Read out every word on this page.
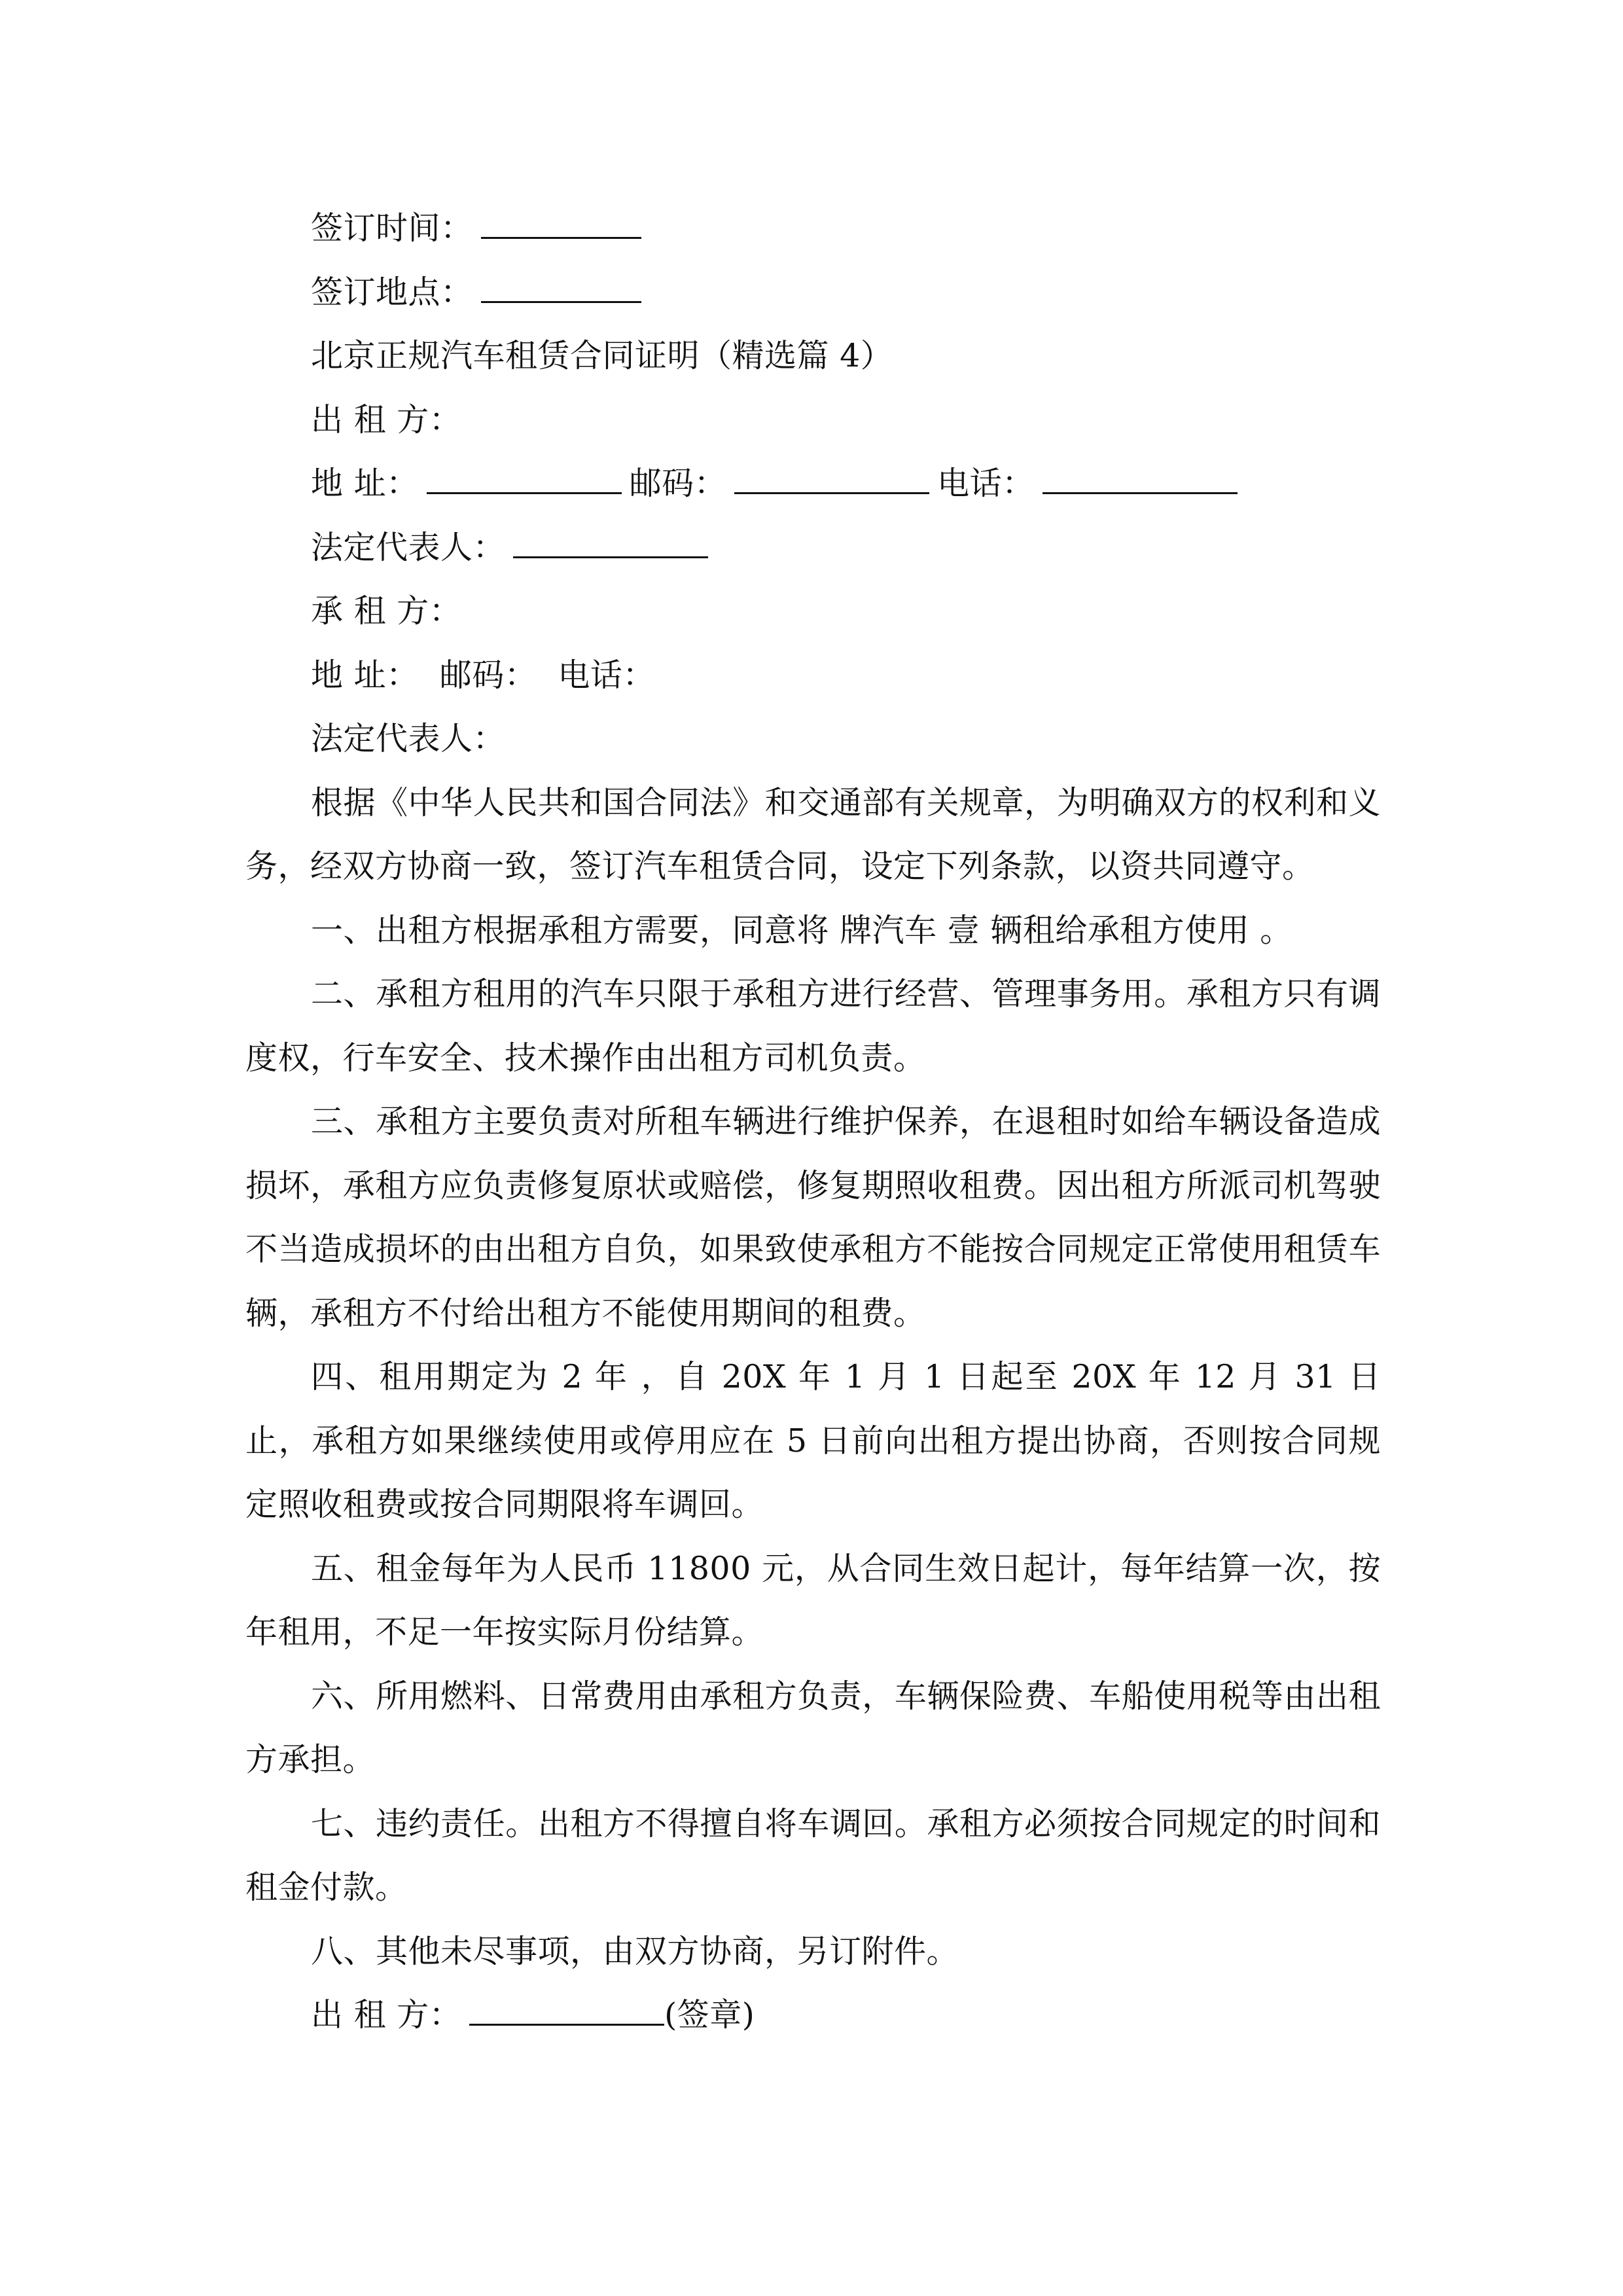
签订时间：
签订地点：
北京正规汽车租赁合同证明（精选篇 4）
出 租 方：
地 址：	邮码：	电话：
法定代表人：
承 租 方：
地 址：  邮码：  电话：
法定代表人：
根据《中华人民共和国合同法》和交通部有关规章，为明确双方的权利和义务，经双方协商一致，签订汽车租赁合同，设定下列条款，以资共同遵守。
一、出租方根据承租方需要，同意将 牌汽车 壹 辆租给承租方使用 。
二、承租方租用的汽车只限于承租方进行经营、管理事务用。承租方只有调度权，行车安全、技术操作由出租方司机负责。
三、承租方主要负责对所租车辆进行维护保养，在退租时如给车辆设备造成损坏，承租方应负责修复原状或赔偿，修复期照收租费。因出租方所派司机驾驶不当造成损坏的由出租方自负，如果致使承租方不能按合同规定正常使用租赁车辆，承租方不付给出租方不能使用期间的租费。
四、租用期定为 2 年 ，自 20X 年 1 月 1 日起至 20X 年 12 月 31 日止，承租方如果继续使用或停用应在 5 日前向出租方提出协商，否则按合同规定照收租费或按合同期限将车调回。
五、租金每年为人民币 11800 元，从合同生效日起计，每年结算一次，按年租用，不足一年按实际月份结算。
六、所用燃料、日常费用由承租方负责，车辆保险费、车船使用税等由出租方承担。
七、违约责任。出租方不得擅自将车调回。承租方必须按合同规定的时间和租金付款。
八、其他未尽事项，由双方协商，另订附件。
出 租 方：	(签章)
